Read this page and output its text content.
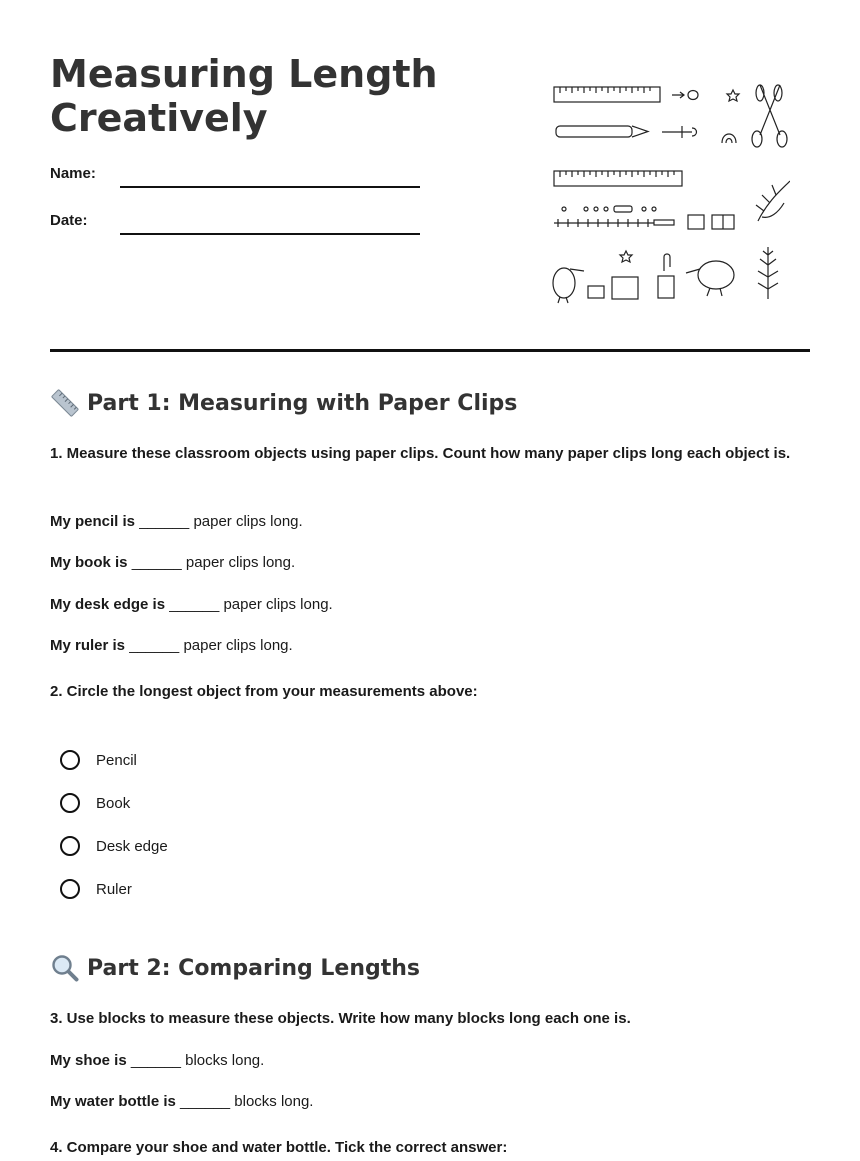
Measuring Length Creatively
Name:
Date:
Part 1: Measuring with Paper Clips

1. Measure these classroom objects using paper clips. Count how many paper clips long each object is.

My pencil is ______ paper clips long.

My book is ______ paper clips long.

My desk edge is ______ paper clips long.

My ruler is ______ paper clips long.

2. Circle the longest object from your measurements above:

Pencil
Book
Desk edge
Ruler
Part 2: Comparing Lengths

3. Use blocks to measure these objects. Write how many blocks long each one is.

My shoe is ______ blocks long.

My water bottle is ______ blocks long.

4. Compare your shoe and water bottle. Tick the correct answer:
